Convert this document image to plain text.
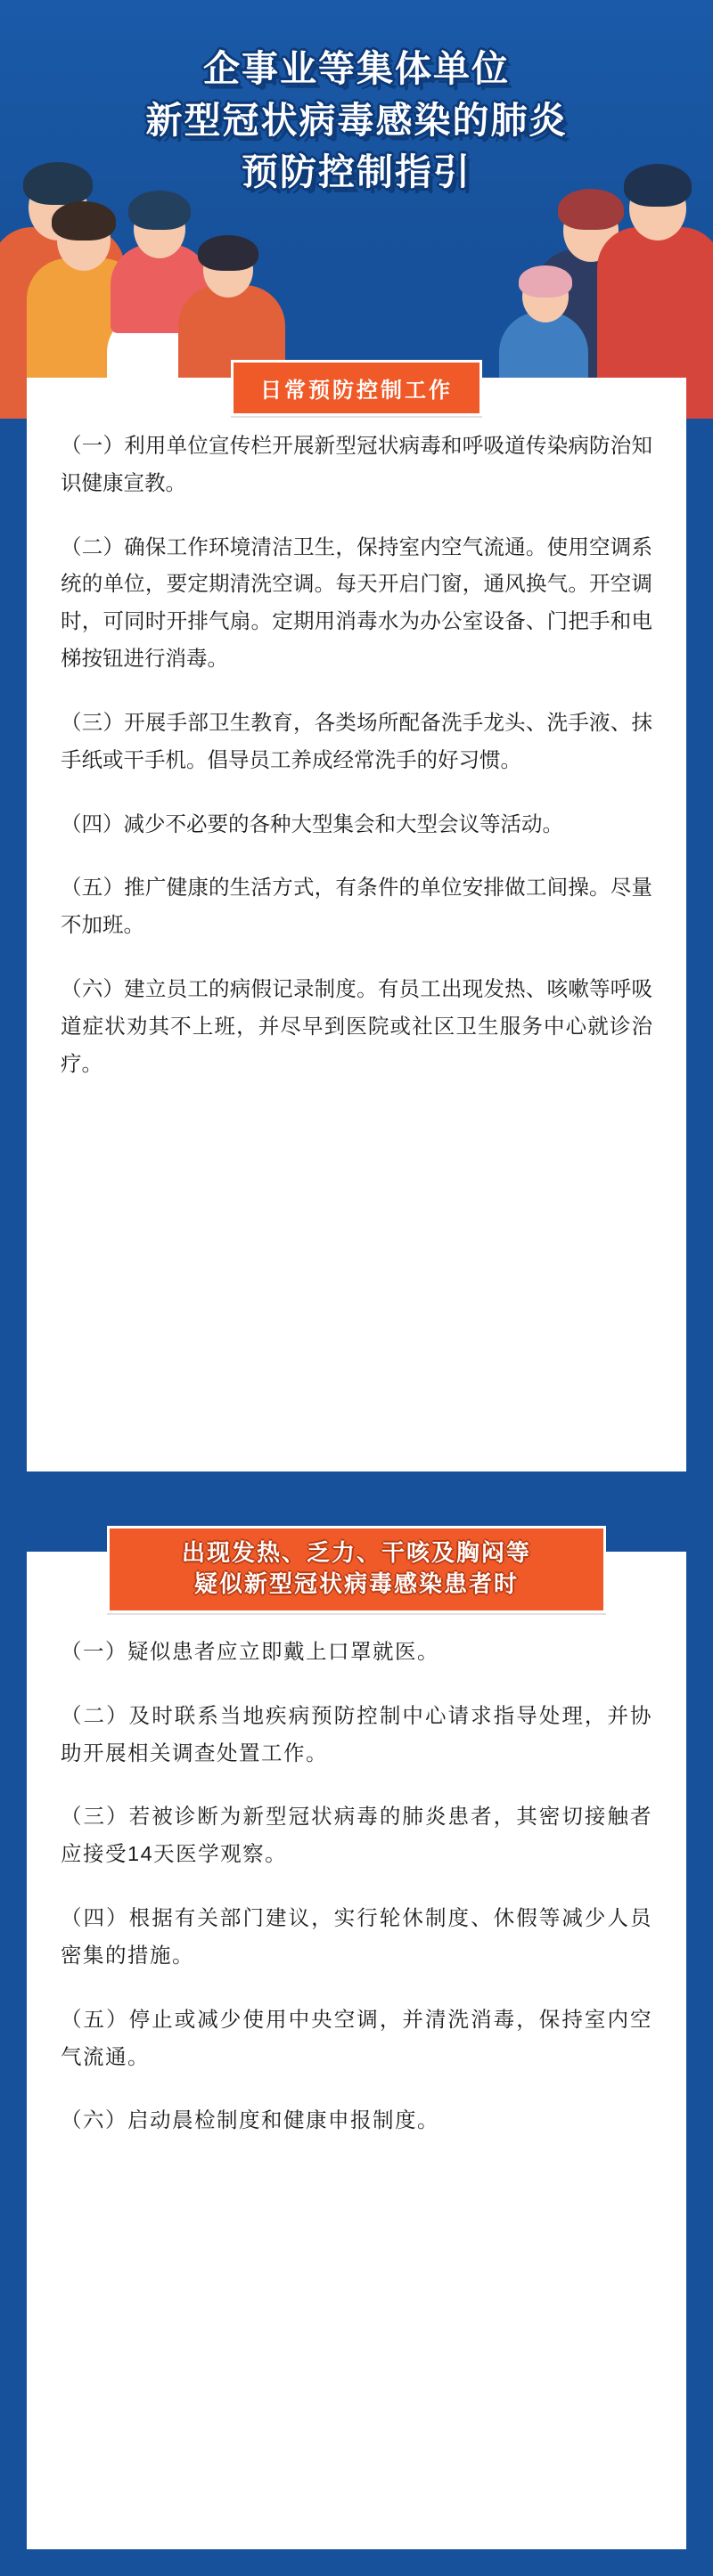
企事业等集体单位
新型冠状病毒感染的肺炎
预防控制指引

（一）利用单位宣传栏开展新型冠状病毒和呼吸道传染病防治知识健康宣教。

（二）确保工作环境清洁卫生，保持室内空气流通。使用空调系统的单位，要定期清洗空调。每天开启门窗，通风换气。开空调时，可同时开排气扇。定期用消毒水为办公室设备、门把手和电梯按钮进行消毒。

（三）开展手部卫生教育，各类场所配备洗手龙头、洗手液、抹手纸或干手机。倡导员工养成经常洗手的好习惯。

（四）减少不必要的各种大型集会和大型会议等活动。

（五）推广健康的生活方式，有条件的单位安排做工间操。尽量不加班。

（六）建立员工的病假记录制度。有员工出现发热、咳嗽等呼吸道症状劝其不上班，并尽早到医院或社区卫生服务中心就诊治疗。

日常预防控制工作

（一）疑似患者应立即戴上口罩就医。

（二）及时联系当地疾病预防控制中心请求指导处理，并协助开展相关调查处置工作。

（三）若被诊断为新型冠状病毒的肺炎患者，其密切接触者应接受14天医学观察。

（四）根据有关部门建议，实行轮休制度、休假等减少人员密集的措施。

（五）停止或减少使用中央空调，并清洗消毒，保持室内空气流通。

（六）启动晨检制度和健康申报制度。

出现发热、乏力、干咳及胸闷等
疑似新型冠状病毒感染患者时
